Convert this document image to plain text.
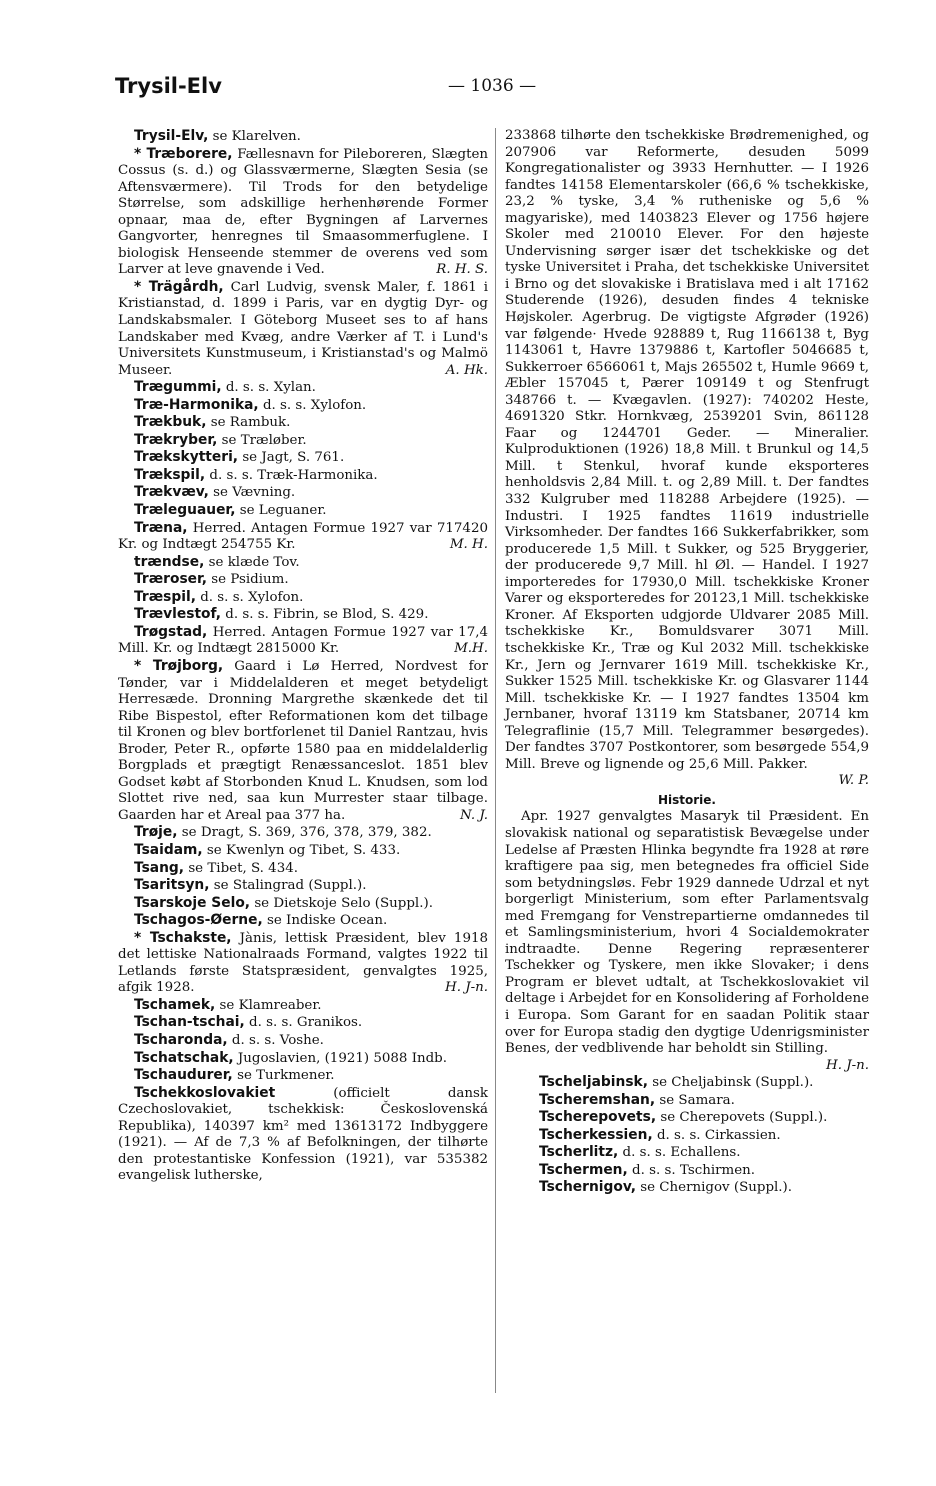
Trysil-Elv	— 1036 —

Trysil-Elv, se Klarelven.

* Træborere, Fællesnavn for Pileboreren, Slægten Cossus (s. d.) og Glassværmerne, Slægten Sesia (se Aftensværmere). Til Trods for den betydelige Størrelse, som adskillige herhenhørende Former opnaar, maa de, efter Bygningen af Larvernes Gangvorter, henregnes til Smaasommerfuglene. I biologisk Henseende stemmer de overens ved som Larver at leve gnavende i Ved.	R. H. S.

* Trägårdh, Carl Ludvig, svensk Maler, f. 1861 i Kristianstad, d. 1899 i Paris, var en dygtig Dyr- og Landskabsmaler. I Göteborg Museet ses to af hans Landskaber med Kvæg, andre Værker af T. i Lund's Universitets Kunstmuseum, i Kristianstad's og Malmö Museer.	A. Hk.

Trægummi, d. s. s. Xylan.

Træ-Harmonika, d. s. s. Xylofon.

Trækbuk, se Rambuk.

Trækryber, se Træløber.

Trækskytteri, se Jagt, S. 761.

Trækspil, d. s. s. Træk-Harmonika.

Trækvæv, se Vævning.

Træleguauer, se Leguaner.

Træna, Herred. Antagen Formue 1927 var 717420 Kr. og Indtægt 254755 Kr.	M. H.

trændse, se klæde Tov.

Træroser, se Psidium.

Træspil, d. s. s. Xylofon.

Trævlestof, d. s. s. Fibrin, se Blod, S. 429.

Trøgstad, Herred. Antagen Formue 1927 var 17,4 Mill. Kr. og Indtægt 2815000 Kr.	M.H.

* Trøjborg, Gaard i Lø Herred, Nordvest for Tønder, var i Middelalderen et meget betydeligt Herresæde. Dronning Margrethe skænkede det til Ribe Bispestol, efter Reformationen kom det tilbage til Kronen og blev bortforlenet til Daniel Rantzau, hvis Broder, Peter R., opførte 1580 paa en middelalderlig Borgplads et prægtigt Renæssanceslot. 1851 blev Godset købt af Storbonden Knud L. Knudsen, som lod Slottet rive ned, saa kun Murrester staar tilbage. Gaarden har et Areal paa 377 ha.	N. J.

Trøje, se Dragt, S. 369, 376, 378, 379, 382.

Tsaidam, se Kwenlyn og Tibet, S. 433.

Tsang, se Tibet, S. 434.

Tsaritsyn, se Stalingrad (Suppl.).

Tsarskoje Selo, se Dietskoje Selo (Suppl.).

Tschagos-Øerne, se Indiske Ocean.

* Tschakste, Jànis, lettisk Præsident, blev 1918 det lettiske Nationalraads Formand, valgtes 1922 til Letlands første Statspræsident, genvalgtes 1925, afgik 1928.	H. J-n.

Tschamek, se Klamreaber.

Tschan-tschai, d. s. s. Granikos.

Tscharonda, d. s. s. Voshe.

Tschatschak, Jugoslavien, (1921) 5088 Indb.

Tschaudurer, se Turkmener.

Tschekkoslovakiet	(officielt dansk Czechoslovakiet, tschekkisk: Československá Republika), 140397 km² med 13613172 Indbyggere (1921). — Af de 7,3 % af Befolkningen, der tilhørte den protestantiske Konfession (1921), var 535382 evangelisk lutherske,

233868 tilhørte den tschekkiske Brødremenighed, og 207906 var Reformerte, desuden 5099 Kongregationalister og 3933 Hernhutter. — I 1926 fandtes 14158 Elementarskoler (66,6 % tschekkiske, 23,2 % tyske, 3,4 % rutheniske og 5,6 % magyariske), med 1403823 Elever og 1756 højere Skoler med 210010 Elever. For den højeste Undervisning sørger især det tschekkiske og det tyske Universitet i Praha, det tschekkiske Universitet i Brno og det slovakiske i Bratislava med i alt 17162 Studerende (1926), desuden findes 4 tekniske Højskoler. Agerbrug. De vigtigste Afgrøder (1926) var følgende· Hvede 928889 t, Rug 1166138 t, Byg 1143061 t, Havre 1379886 t, Kartofler 5046685 t, Sukkerroer 6566061 t, Majs 265502 t, Humle 9669 t, Æbler 157045 t, Pærer 109149 t og Stenfrugt 348766 t. — Kvægavlen. (1927): 740202 Heste, 4691320 Stkr. Hornkvæg, 2539201 Svin, 861128 Faar og 1244701 Geder. — Mineralier. Kulproduktionen (1926) 18,8 Mill. t Brunkul og 14,5 Mill. t Stenkul, hvoraf kunde eksporteres henholdsvis 2,84 Mill. t. og 2,89 Mill. t. Der fandtes 332 Kulgruber med 118288 Arbejdere (1925). — Industri. I 1925 fandtes 11619 industrielle Virksomheder. Der fandtes 166 Sukkerfabrikker, som producerede 1,5 Mill. t Sukker, og 525 Bryggerier, der producerede 9,7 Mill. hl Øl. — Handel. I 1927 importeredes for 17930,0 Mill. tschekkiske Kroner Varer og eksporteredes for 20123,1 Mill. tschekkiske Kroner. Af Eksporten udgjorde Uldvarer 2085 Mill. tschekkiske Kr., Bomuldsvarer 3071 Mill. tschekkiske Kr., Træ og Kul 2032 Mill. tschekkiske Kr., Jern og Jernvarer 1619 Mill. tschekkiske Kr., Sukker 1525 Mill. tschekkiske Kr. og Glasvarer 1144 Mill. tschekkiske Kr. — I 1927 fandtes 13504 km Jernbaner, hvoraf 13119 km Statsbaner, 20714 km Telegraflinie (15,7 Mill. Telegrammer besørgedes). Der fandtes 3707 Postkontorer, som besørgede 554,9 Mill. Breve og lignende og 25,6 Mill. Pakker.
W. P.

Historie.

Apr. 1927 genvalgtes Masaryk til Præsident. En slovakisk national og separatistisk Bevægelse under Ledelse af Præsten Hlinka begyndte fra 1928 at røre kraftigere paa sig, men betegnedes fra officiel Side som betydningsløs. Febr 1929 dannede Udrzal et nyt borgerligt Ministerium, som efter Parlamentsvalg med Fremgang for Venstrepartierne omdannedes til et Samlingsministerium, hvori 4 Socialdemokrater indtraadte. Denne Regering repræsenterer Tschekker og Tyskere, men ikke Slovaker; i dens Program er blevet udtalt, at Tschekkoslovakiet vil deltage i Arbejdet for en Konsolidering af Forholdene i Europa. Som Garant for en saadan Politik staar over for Europa stadig den dygtige Udenrigsminister Benes, der vedblivende har beholdt sin Stilling.
H. J-n.

Tscheljabinsk, se Cheljabinsk (Suppl.).

Tscheremshan, se Samara.

Tscherepovets, se Cherepovets (Suppl.).

Tscherkessien, d. s. s. Cirkassien.

Tscherlitz, d. s. s. Echallens.

Tschermen, d. s. s. Tschirmen.

Tschernigov, se Chernigov (Suppl.).
